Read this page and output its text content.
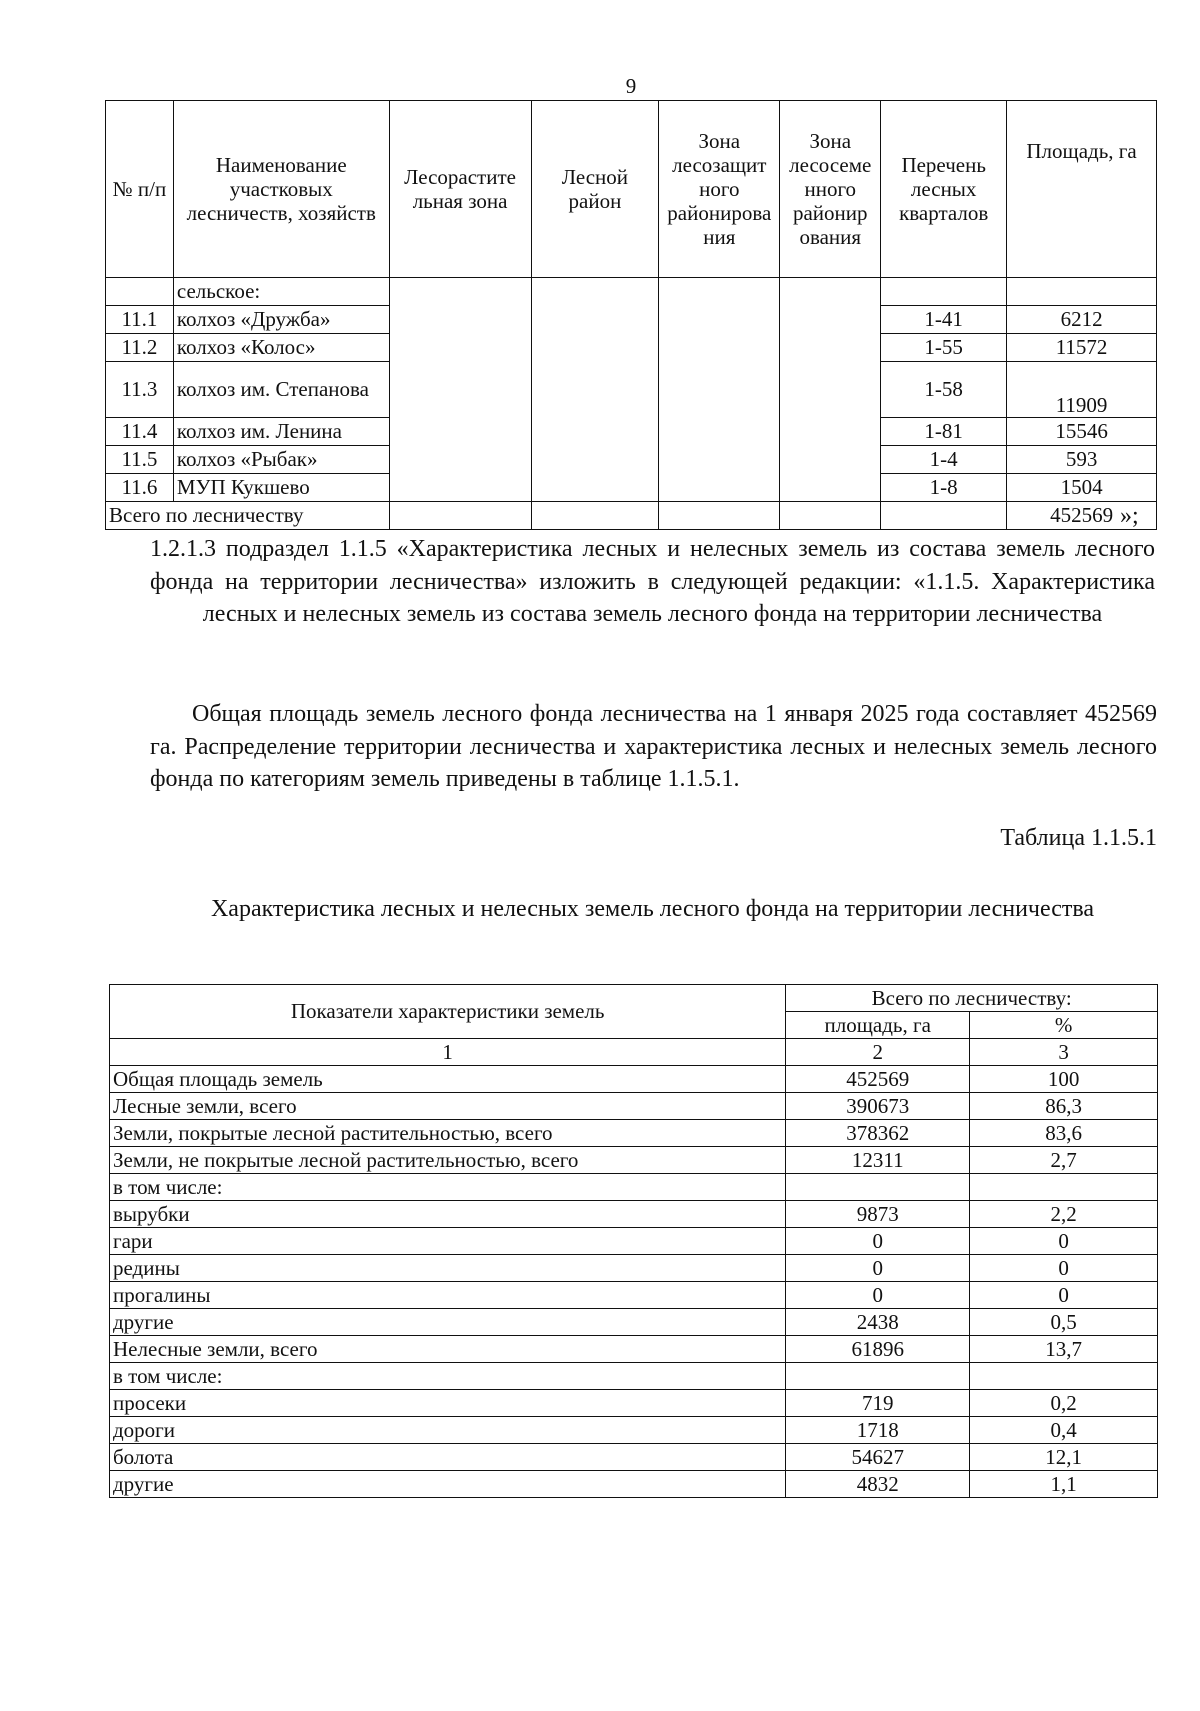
9
№ п/п	Наименование участковых лесничеств, хозяйств	Лесорастите льная зона	Лесной район	Зона лесозащит ного районирова ния	Зона лесосеме нного районир ования	Перечень лесных кварталов	Площадь, га
	сельское:						
11.1	колхоз «Дружба»					1-41	6212
11.2	колхоз «Колос»					1-55	11572
11.3	колхоз им. Степанова					1-58	11909
11.4	колхоз им. Ленина					1-81	15546
11.5	колхоз «Рыбак»					1-4	593
11.6	МУП Кукшево					1-8	1504
Всего по лесничеству							452569 »;
1.2.1.3 подраздел 1.1.5 «Характеристика лесных и нелесных земель из состава земель лесного фонда на территории лесничества» изложить в следующей редакции: «1.1.5. Характеристика лесных и нелесных земель из состава земель лесного фонда на территории лесничества
Общая площадь земель лесного фонда лесничества на 1 января 2025 года составляет 452569 га. Распределение территории лесничества и характеристика лесных и нелесных земель лесного фонда по категориям земель приведены в таблице 1.1.5.1.
Таблица 1.1.5.1
Характеристика лесных и нелесных земель лесного фонда на территории лесничества
Показатели характеристики земель	Всего по лесничеству:	
	площадь, га	%
1	2	3
Общая площадь земель	452569	100
Лесные земли, всего	390673	86,3
Земли, покрытые лесной растительностью, всего	378362	83,6
Земли, не покрытые лесной растительностью, всего	12311	2,7
в том числе:		
вырубки	9873	2,2
гари	0	0
редины	0	0
прогалины	0	0
другие	2438	0,5
Нелесные земли, всего	61896	13,7
в том числе:		
просеки	719	0,2
дороги	1718	0,4
болота	54627	12,1
другие	4832	1,1
